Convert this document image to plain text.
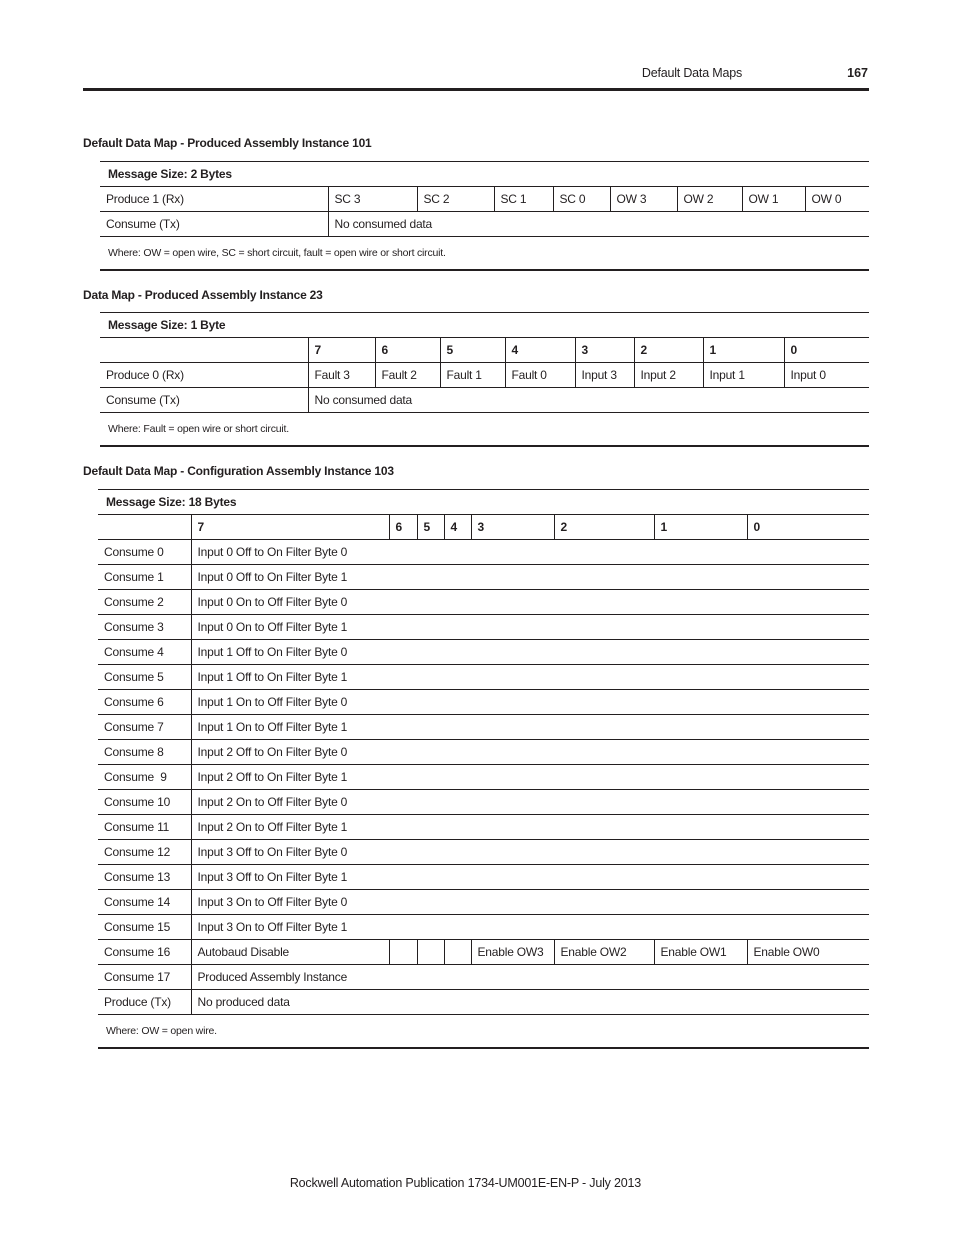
Default Data Maps	167
Default Data Map - Produced Assembly Instance 101
Message Size: 2 Bytes								
Produce 1 (Rx)	SC 3	SC 2	SC 1	SC 0	OW 3	OW 2	OW 1	OW 0
Consume (Tx)	No consumed data							
Where: OW = open wire, SC = short circuit, fault = open wire or short circuit.								
Data Map - Produced Assembly Instance 23
Message Size: 1 Byte								
	7	6	5	4	3	2	1	0
Produce 0 (Rx)	Fault 3	Fault 2	Fault 1	Fault 0	Input 3	Input 2	Input 1	Input 0
Consume (Tx)	No consumed data							
Where: Fault = open wire or short circuit.								
Default Data Map - Configuration Assembly Instance 103
Message Size: 18 Bytes								
	7	6	5	4	3	2	1	0
Consume 0	Input 0 Off to On Filter Byte 0							
Consume 1	Input 0 Off to On Filter Byte 1							
Consume 2	Input 0 On to Off Filter Byte 0							
Consume 3	Input 0 On to Off Filter Byte 1							
Consume 4	Input 1 Off to On Filter Byte 0							
Consume 5	Input 1 Off to On Filter Byte 1							
Consume 6	Input 1 On to Off Filter Byte 0							
Consume 7	Input 1 On to Off Filter Byte 1							
Consume 8	Input 2 Off to On Filter Byte 0							
Consume  9	Input 2 Off to On Filter Byte 1							
Consume 10	Input 2 On to Off Filter Byte 0							
Consume 11	Input 2 On to Off Filter Byte 1							
Consume 12	Input 3 Off to On Filter Byte 0							
Consume 13	Input 3 Off to On Filter Byte 1							
Consume 14	Input 3 On to Off Filter Byte 0							
Consume 15	Input 3 On to Off Filter Byte 1							
Consume 16	Autobaud Disable				Enable OW3	Enable OW2	Enable OW1	Enable OW0
Consume 17	Produced Assembly Instance							
Produce (Tx)	No produced data							
Where: OW = open wire.								
Rockwell Automation Publication 1734-UM001E-EN-P - July 2013
